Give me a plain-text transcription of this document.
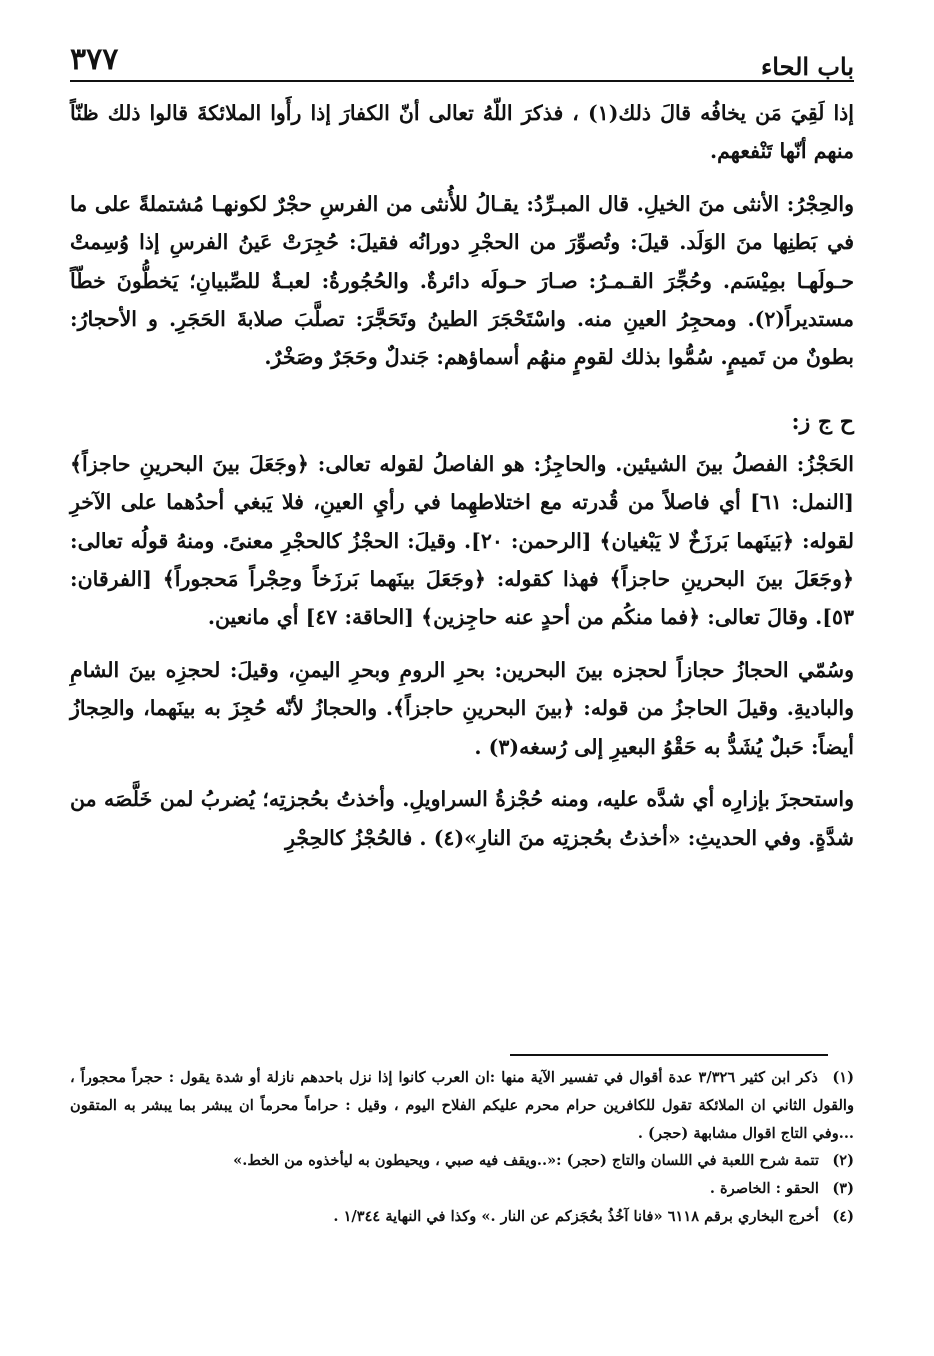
باب الحاء
٣٧٧

إذا لَقِيَ مَن يخافُه قالَ ذلك(١) ، فذكرَ اللّهُ تعالى أنّ الكفارَ إذا رأَوا الملائكةَ قالوا ذلك ظنّاً منهم أنّها تَنْفعهم.

والحِجْرُ: الأنثى منَ الخيلِ. قال المبـرِّدُ: يقـالُ للأُنثى من الفرسِ حجْرٌ لكونهـا مُشتملةً على ما في بَطنِها منَ الوَلَد. قيلَ: وتُصوِّرَ من الحجْرِ دورانُه فقيلَ: حُجِرَتْ عَينُ الفرسِ إذا وُسِمتْ حـولَهـا بمِيْسَم. وحُجِّرَ القـمـرُ: صـارَ حـولَه دائرةٌ. والحُجُورةُ: لعبـةٌ للصِّبيانِ؛ يَخطُّونَ خطّاً مستديراً(٢). ومحجِرُ العينِ منه. واسْتَحْجَرَ الطينُ وتَحَجَّرَ: تصلَّبَ صلابةَ الحَجَرِ. و الأحجارُ: بطونٌ من تَميمٍ. سُمُّوا بذلك لقومٍ منهُم أسماؤهم: جَندلٌ وحَجَرٌ وصَخْرٌ.

ح ج ز:

الحَجْزُ: الفصلُ بينَ الشيئين. والحاجِزُ: هو الفاصلُ لقوله تعالى: ﴿وجَعَلَ بينَ البحرينِ حاجزاً﴾ [النمل: ٦١] أي فاصلاً من قُدرته مع اختلاطهِما في رأيِ العينِ، فلا يَبغي أحدُهما على الآخرِ لقوله: ﴿بَينَهما بَرزَخٌ لا يَبْغيان﴾ [الرحمن: ٢٠]. وقيلَ: الحجْزُ كالحجْرِ معنىً. ومنهُ قولُه تعالى: ﴿وجَعَلَ بينَ البحرينِ حاجزاً﴾ فهذا كقوله: ﴿وجَعَلَ بينَهما بَرزَخاً وحِجْراً مَحجوراً﴾ [الفرقان: ٥٣]. وقالَ تعالى: ﴿فما منكُم من أحدٍ عنه حاجِزين﴾ [الحاقة: ٤٧] أي مانعين.

وسُمّي الحجازُ حجازاً لحجزه بينَ البحرين: بحرِ الرومِ وبحرِ اليمنِ، وقيلَ: لحجزِه بينَ الشامِ والباديةِ. وقيلَ الحاجزُ من قوله: ﴿بينَ البحرينِ حاجزاً﴾. والحجازُ لأنّه حُجِزَ به بينَهما، والحِجازُ أيضاً: حَبلٌ يُشَدُّ به حَقْوُ البعيرِ إلى رُسغه(٣) .

واستحجزَ بإزارِه أي شدَّه عليه، ومنه حُجْزةُ السراويلِ. وأخذتُ بحُجزتِه؛ يُضربُ لمن خَلَّصَه من شدَّةٍ. وفي الحديثِ: «أخذتُ بحُجزتِه منَ النارِ»(٤) . فالحُجْزُ كالحِجْرِ

(١) ذكر ابن كثير ٣/٣٢٦ عدة أقوال في تفسير الآية منها :ان العرب كانوا إذا نزل باحدهم نازلة أو شدة يقول : حجراً محجوراً ، والقول الثاني ان الملائكة تقول للكافرين حرام محرم عليكم الفلاح اليوم ، وقيل : حراماً محرماً ان يبشر بما يبشر به المتقون ...وفي التاج اقوال مشابهة (حجر) .

(٢) تتمة شرح اللعبة في اللسان والتاج (حجر) :«..ويقف فيه صبي ، ويحيطون به ليأخذوه من الخط.»

(٣) الحقو : الخاصرة .

(٤) أخرج البخاري برقم ٦١١٨ «فانا آخُذُ بحُجَزكم عن النار .» وكذا في النهاية ١/٣٤٤ .
